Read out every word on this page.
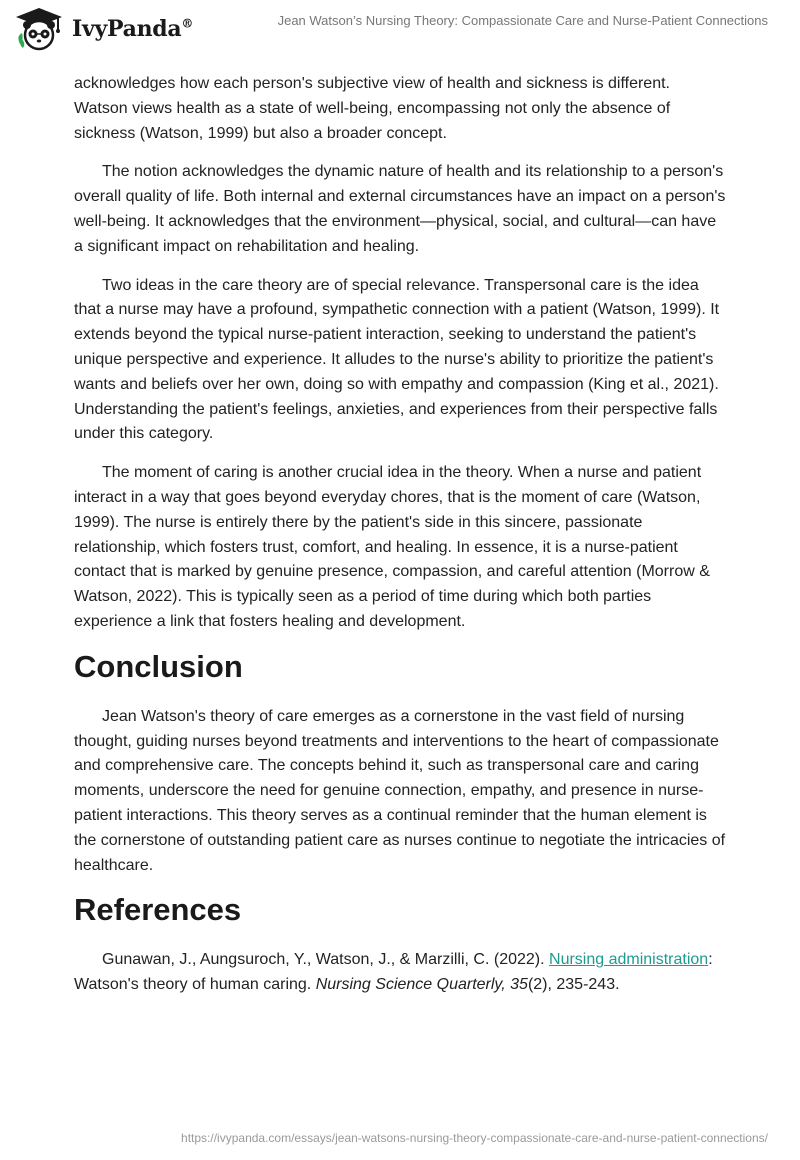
IvyPanda®	Jean Watson’s Nursing Theory: Compassionate Care and Nurse-Patient Connections

acknowledges how each person's subjective view of health and sickness is different. Watson views health as a state of well-being, encompassing not only the absence of sickness (Watson, 1999) but also a broader concept.

The notion acknowledges the dynamic nature of health and its relationship to a person's overall quality of life. Both internal and external circumstances have an impact on a person's well-being. It acknowledges that the environment—physical, social, and cultural—can have a significant impact on rehabilitation and healing.

Two ideas in the care theory are of special relevance. Transpersonal care is the idea that a nurse may have a profound, sympathetic connection with a patient (Watson, 1999). It extends beyond the typical nurse-patient interaction, seeking to understand the patient's unique perspective and experience. It alludes to the nurse's ability to prioritize the patient's wants and beliefs over her own, doing so with empathy and compassion (King et al., 2021). Understanding the patient's feelings, anxieties, and experiences from their perspective falls under this category.

The moment of caring is another crucial idea in the theory. When a nurse and patient interact in a way that goes beyond everyday chores, that is the moment of care (Watson, 1999). The nurse is entirely there by the patient's side in this sincere, passionate relationship, which fosters trust, comfort, and healing. In essence, it is a nurse-patient contact that is marked by genuine presence, compassion, and careful attention (Morrow & Watson, 2022). This is typically seen as a period of time during which both parties experience a link that fosters healing and development.

Conclusion

Jean Watson's theory of care emerges as a cornerstone in the vast field of nursing thought, guiding nurses beyond treatments and interventions to the heart of compassionate and comprehensive care. The concepts behind it, such as transpersonal care and caring moments, underscore the need for genuine connection, empathy, and presence in nurse-patient interactions. This theory serves as a continual reminder that the human element is the cornerstone of outstanding patient care as nurses continue to negotiate the intricacies of healthcare.

References

Gunawan, J., Aungsuroch, Y., Watson, J., & Marzilli, C. (2022). Nursing administration: Watson's theory of human caring. Nursing Science Quarterly, 35(2), 235-243.

https://ivypanda.com/essays/jean-watsons-nursing-theory-compassionate-care-and-nurse-patient-connections/
